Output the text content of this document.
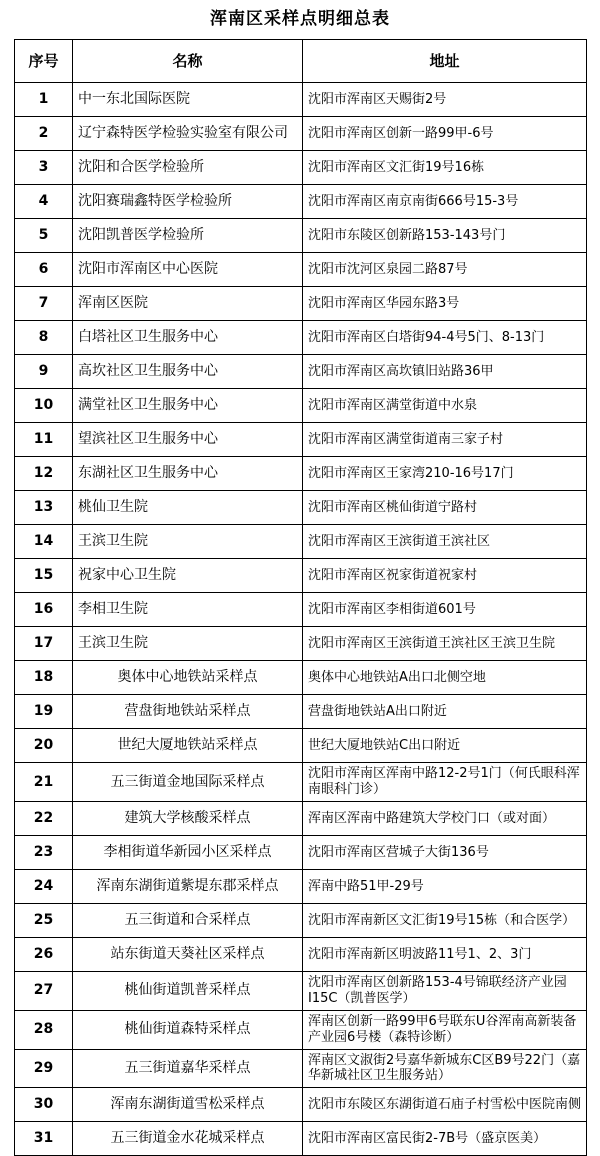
浑南区采样点明细总表
序号	名称	地址
1	中一东北国际医院	沈阳市浑南区天赐街2号
2	辽宁森特医学检验实验室有限公司	沈阳市浑南区创新一路99甲-6号
3	沈阳和合医学检验所	沈阳市浑南区文汇街19号16栋
4	沈阳赛瑞鑫特医学检验所	沈阳市浑南区南京南街666号15-3号
5	沈阳凯普医学检验所	沈阳市东陵区创新路153-143号门
6	沈阳市浑南区中心医院	沈阳市沈河区泉园二路87号
7	浑南区医院	沈阳市浑南区华园东路3号
8	白塔社区卫生服务中心	沈阳市浑南区白塔街94-4号5门、8-13门
9	高坎社区卫生服务中心	沈阳市浑南区高坎镇旧站路36甲
10	满堂社区卫生服务中心	沈阳市浑南区满堂街道中水泉
11	望滨社区卫生服务中心	沈阳市浑南区满堂街道南三家子村
12	东湖社区卫生服务中心	沈阳市浑南区王家湾210-16号17门
13	桃仙卫生院	沈阳市浑南区桃仙街道宁路村
14	王滨卫生院	沈阳市浑南区王滨街道王滨社区
15	祝家中心卫生院	沈阳市浑南区祝家街道祝家村
16	李相卫生院	沈阳市浑南区李相街道601号
17	王滨卫生院	沈阳市浑南区王滨街道王滨社区王滨卫生院
18	奥体中心地铁站采样点	奥体中心地铁站A出口北侧空地
19	营盘街地铁站采样点	营盘街地铁站A出口附近
20	世纪大厦地铁站采样点	世纪大厦地铁站C出口附近
21	五三街道金地国际采样点	沈阳市浑南区浑南中路12-2号1门（何氏眼科浑南眼科门诊）
22	建筑大学核酸采样点	浑南区浑南中路建筑大学校门口（或对面）
23	李相街道华新园小区采样点	沈阳市浑南区营城子大街136号
24	浑南东湖街道紫堤东郡采样点	浑南中路51甲-29号
25	五三街道和合采样点	沈阳市浑南新区文汇街19号15栋（和合医学）
26	站东街道天葵社区采样点	沈阳市浑南新区明波路11号1、2、3门
27	桃仙街道凯普采样点	沈阳市浑南区创新路153-4号锦联经济产业园I15C（凯普医学）
28	桃仙街道森特采样点	浑南区创新一路99甲6号联东U谷浑南高新装备产业园6号楼（森特诊断）
29	五三街道嘉华采样点	浑南区文淑街2号嘉华新城东C区B9号22门（嘉华新城社区卫生服务站）
30	浑南东湖街道雪松采样点	沈阳市东陵区东湖街道石庙子村雪松中医院南侧
31	五三街道金水花城采样点	沈阳市浑南区富民街2-7B号（盛京医美）
